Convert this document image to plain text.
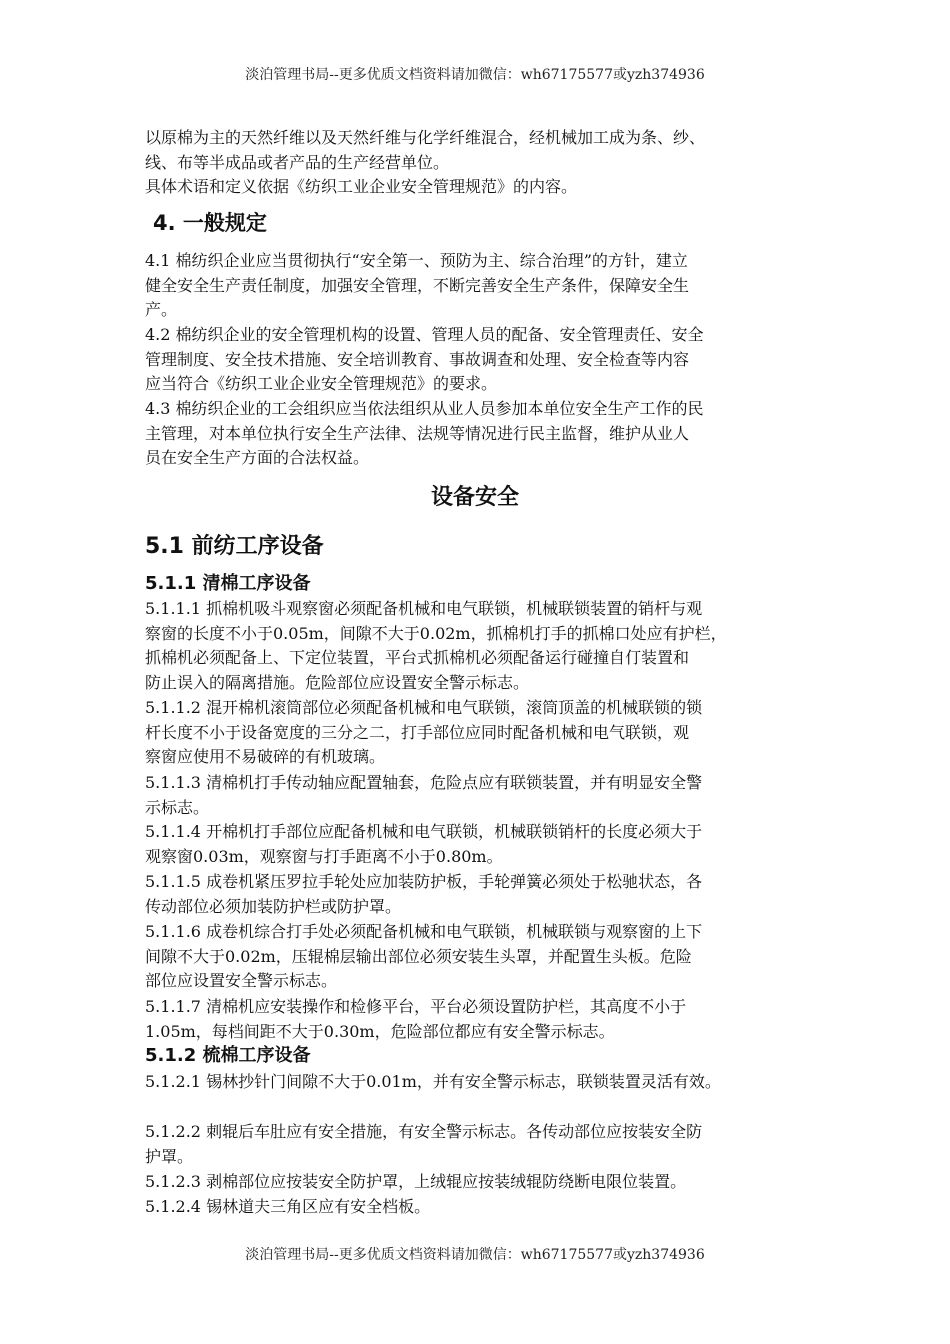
淡泊管理书局--更多优质文档资料请加微信：wh67175577或yzh374936
以原棉为主的天然纤维以及天然纤维与化学纤维混合，经机械加工成为条、纱、
线、布等半成品或者产品的生产经营单位。
具体术语和定义依据《纺织工业企业安全管理规范》的内容。
4. 一般规定
4.1 棉纺织企业应当贯彻执行“安全第一、预防为主、综合治理”的方针，建立
健全安全生产责任制度，加强安全管理，不断完善安全生产条件，保障安全生
产。
4.2 棉纺织企业的安全管理机构的设置、管理人员的配备、安全管理责任、安全
管理制度、安全技术措施、安全培训教育、事故调查和处理、安全检查等内容
应当符合《纺织工业企业安全管理规范》的要求。
4.3 棉纺织企业的工会组织应当依法组织从业人员参加本单位安全生产工作的民
主管理，对本单位执行安全生产法律、法规等情况进行民主监督，维护从业人
员在安全生产方面的合法权益。
设备安全
5.1 前纺工序设备
5.1.1 清棉工序设备
5.1.1.1 抓棉机吸斗观察窗必须配备机械和电气联锁，机械联锁装置的销杆与观
察窗的长度不小于0.05m，间隙不大于0.02m，抓棉机打手的抓棉口处应有护栏，
抓棉机必须配备上、下定位装置，平台式抓棉机必须配备运行碰撞自仃装置和
防止误入的隔离措施。危险部位应设置安全警示标志。
5.1.1.2 混开棉机滚筒部位必须配备机械和电气联锁，滚筒顶盖的机械联锁的锁
杆长度不小于设备宽度的三分之二，打手部位应同时配备机械和电气联锁，观
察窗应使用不易破碎的有机玻璃。
5.1.1.3 清棉机打手传动轴应配置轴套，危险点应有联锁装置，并有明显安全警
示标志。
5.1.1.4 开棉机打手部位应配备机械和电气联锁，机械联锁销杆的长度必须大于
观察窗0.03m，观察窗与打手距离不小于0.80m。
5.1.1.5 成卷机紧压罗拉手轮处应加装防护板，手轮弹簧必须处于松驰状态，各
传动部位必须加装防护栏或防护罩。
5.1.1.6 成卷机综合打手处必须配备机械和电气联锁，机械联锁与观察窗的上下
间隙不大于0.02m，压辊棉层输出部位必须安装生头罩，并配置生头板。危险
部位应设置安全警示标志。
5.1.1.7 清棉机应安装操作和检修平台，平台必须设置防护栏，其高度不小于
1.05m，每档间距不大于0.30m，危险部位都应有安全警示标志。
5.1.2 梳棉工序设备
5.1.2.1 锡林抄针门间隙不大于0.01m，并有安全警示标志，联锁装置灵活有效。
5.1.2.2 刺辊后车肚应有安全措施，有安全警示标志。各传动部位应按装安全防
护罩。
5.1.2.3 剥棉部位应按装安全防护罩，上绒辊应按装绒辊防绕断电限位装置。
5.1.2.4 锡林道夫三角区应有安全档板。
淡泊管理书局--更多优质文档资料请加微信：wh67175577或yzh374936
